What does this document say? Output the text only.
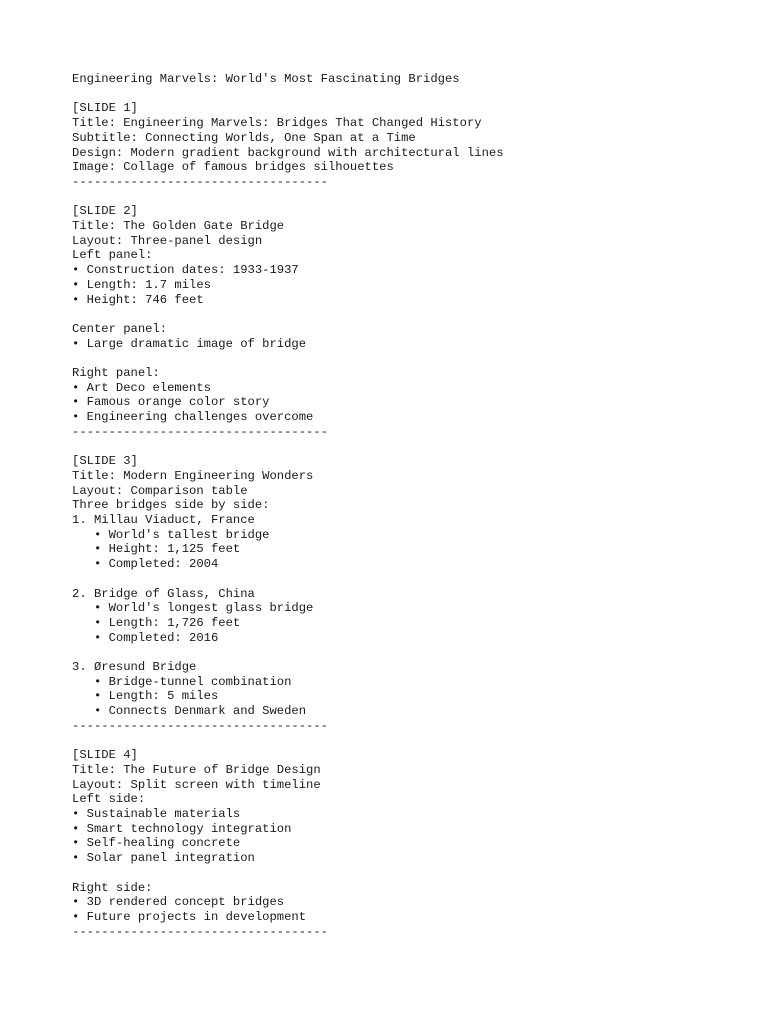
Engineering Marvels: World's Most Fascinating Bridges
[SLIDE 1]
Title: Engineering Marvels: Bridges That Changed History
Subtitle: Connecting Worlds, One Span at a Time
Design: Modern gradient background with architectural lines
Image: Collage of famous bridges silhouettes
-----------------------------------
[SLIDE 2]
Title: The Golden Gate Bridge
Layout: Three-panel design
Left panel:
• Construction dates: 1933-1937
• Length: 1.7 miles
• Height: 746 feet
Center panel:
• Large dramatic image of bridge
Right panel:
• Art Deco elements
• Famous orange color story
• Engineering challenges overcome
-----------------------------------
[SLIDE 3]
Title: Modern Engineering Wonders
Layout: Comparison table
Three bridges side by side:
1. Millau Viaduct, France
• World's tallest bridge
• Height: 1,125 feet
• Completed: 2004
2. Bridge of Glass, China
• World's longest glass bridge
• Length: 1,726 feet
• Completed: 2016
3. Øresund Bridge
• Bridge-tunnel combination
• Length: 5 miles
• Connects Denmark and Sweden
-----------------------------------
[SLIDE 4]
Title: The Future of Bridge Design
Layout: Split screen with timeline
Left side:
• Sustainable materials
• Smart technology integration
• Self-healing concrete
• Solar panel integration
Right side:
• 3D rendered concept bridges
• Future projects in development
-----------------------------------
